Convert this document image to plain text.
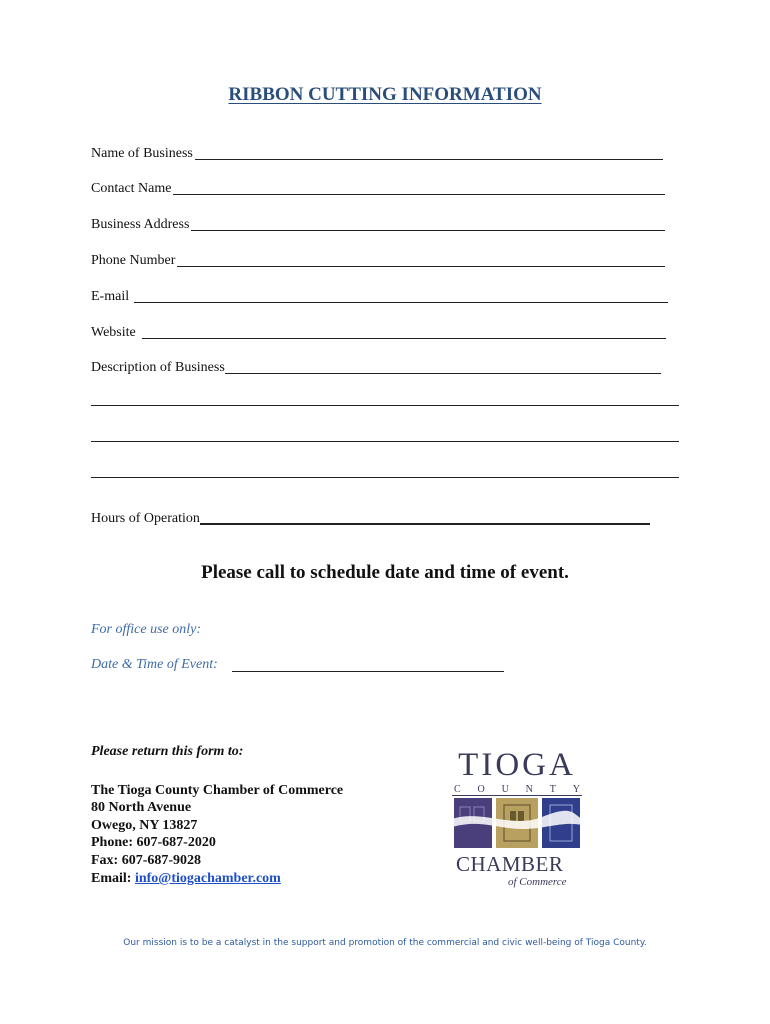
RIBBON CUTTING INFORMATION
Name of Business
Contact Name
Business Address
Phone Number
E-mail
Website
Description of Business
Hours of Operation
Please call to schedule date and time of event.
For office use only:
Date & Time of Event:
Please return this form to:
The Tioga County Chamber of Commerce
80 North Avenue
Owego, NY 13827
Phone: 607-687-2020
Fax: 607-687-9028
Email: info@tiogachamber.com
TIOGA
C O U N T Y
CHAMBER
of Commerce
Our mission is to be a catalyst in the support and promotion of the commercial and civic well-being of Tioga County.
